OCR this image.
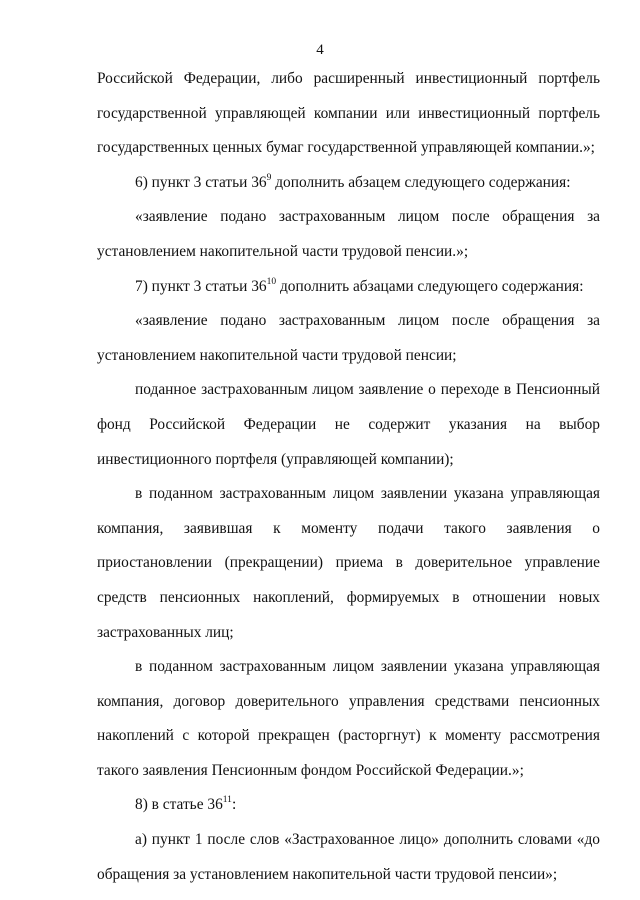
4

Российской Федерации, либо расширенный инвестиционный портфель государственной управляющей компании или инвестиционный портфель государственных ценных бумаг государственной управляющей компании.»;

6) пункт 3 статьи $36^9$ дополнить абзацем следующего содержания:

«заявление подано застрахованным лицом после обращения за установлением накопительной части трудовой пенсии.»;

7) пункт 3 статьи $36^{10}$ дополнить абзацами следующего содержания:

«заявление подано застрахованным лицом после обращения за установлением накопительной части трудовой пенсии;

поданное застрахованным лицом заявление о переходе в Пенсионный фонд Российской Федерации не содержит указания на выбор инвестиционного портфеля (управляющей компании);

в поданном застрахованным лицом заявлении указана управляющая компания, заявившая к моменту подачи такого заявления о приостановлении (прекращении) приема в доверительное управление средств пенсионных накоплений, формируемых в отношении новых застрахованных лиц;

в поданном застрахованным лицом заявлении указана управляющая компания, договор доверительного управления средствами пенсионных накоплений с которой прекращен (расторгнут) к моменту рассмотрения такого заявления Пенсионным фондом Российской Федерации.»;

8) в статье $36^{11}$:

а) пункт 1 после слов «Застрахованное лицо» дополнить словами «до обращения за установлением накопительной части трудовой пенсии»;
